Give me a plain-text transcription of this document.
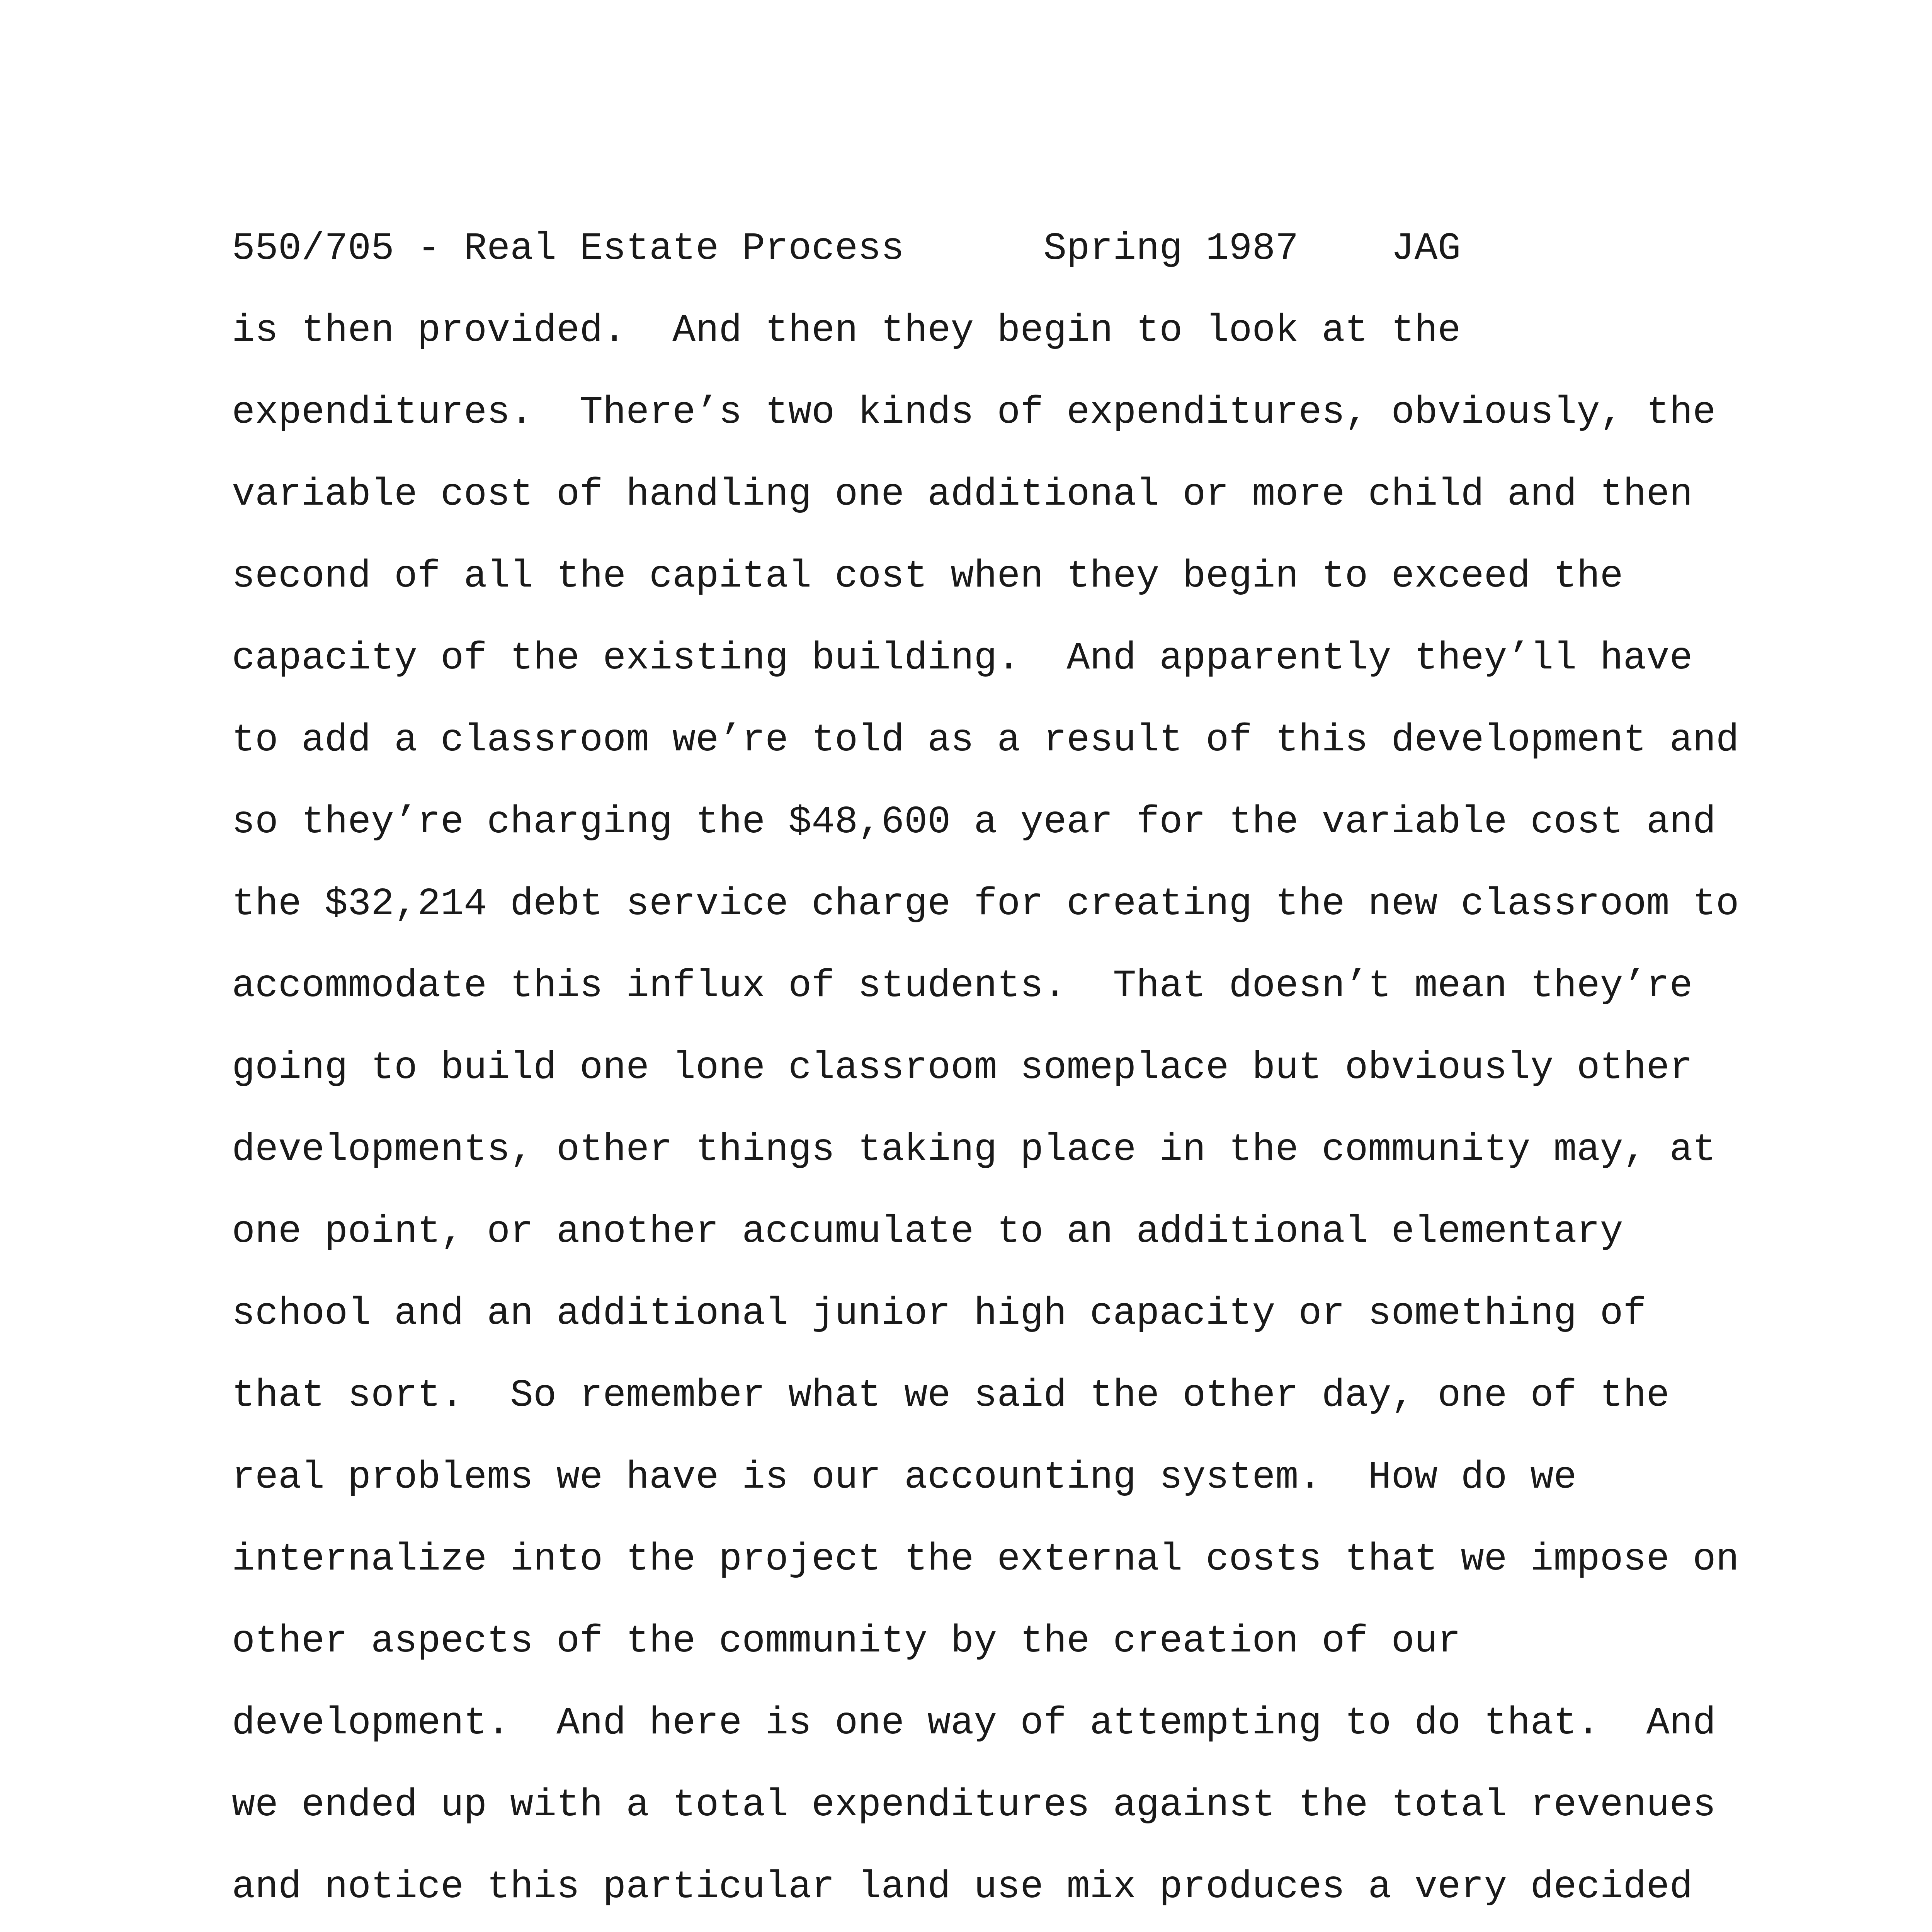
550/705 - Real Estate Process	Spring 1987 JAG
is then provided.  And then they begin to look at the
expenditures.  There’s two kinds of expenditures, obviously, the
variable cost of handling one additional or more child and then
second of all the capital cost when they begin to exceed the
capacity of the existing building.  And apparently they’ll have
to add a classroom we’re told as a result of this development and
so they’re charging the $48,600 a year for the variable cost and
the $32,214 debt service charge for creating the new classroom to
accommodate this influx of students.  That doesn’t mean they’re
going to build one lone classroom someplace but obviously other
developments, other things taking place in the community may, at
one point, or another accumulate to an additional elementary
school and an additional junior high capacity or something of
that sort.  So remember what we said the other day, one of the
real problems we have is our accounting system.  How do we
internalize into the project the external costs that we impose on
other aspects of the community by the creation of our
development.  And here is one way of attempting to do that.  And
we ended up with a total expenditures against the total revenues
and notice this particular land use mix produces a very decided
